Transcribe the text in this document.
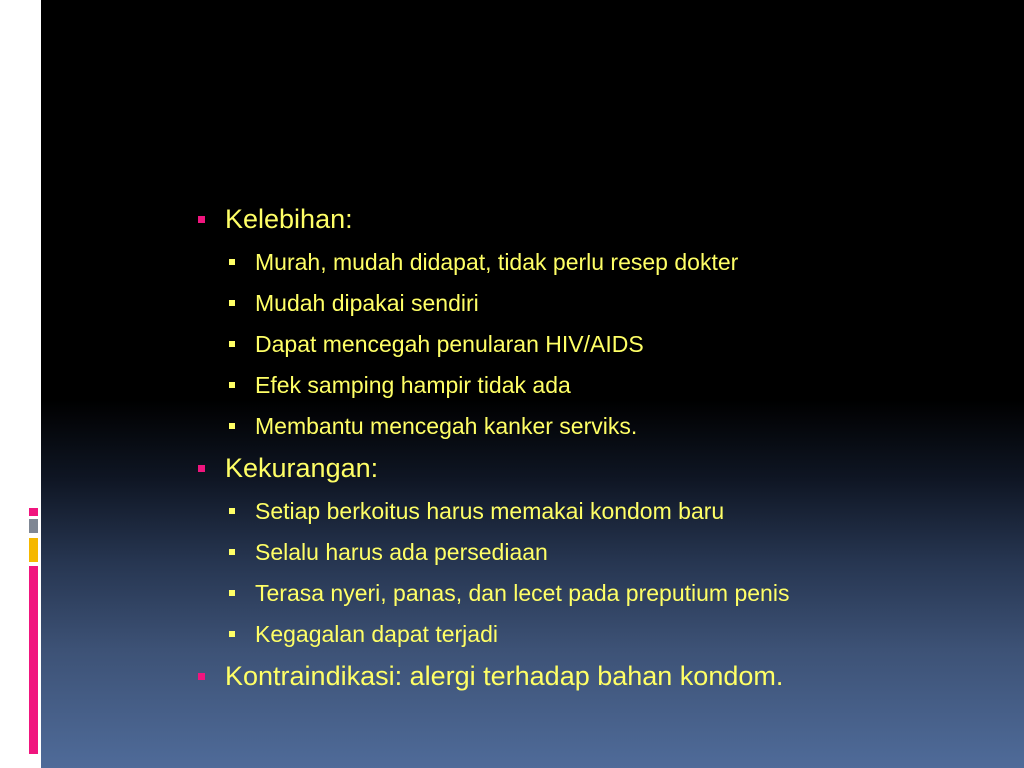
Kelebihan:
Murah, mudah didapat, tidak perlu resep dokter
Mudah dipakai sendiri
Dapat mencegah penularan HIV/AIDS
Efek samping hampir tidak ada
Membantu mencegah kanker serviks.
Kekurangan:
Setiap berkoitus harus memakai kondom baru
Selalu harus ada persediaan
Terasa nyeri, panas, dan lecet pada preputium penis
Kegagalan dapat terjadi
Kontraindikasi: alergi terhadap bahan kondom.
